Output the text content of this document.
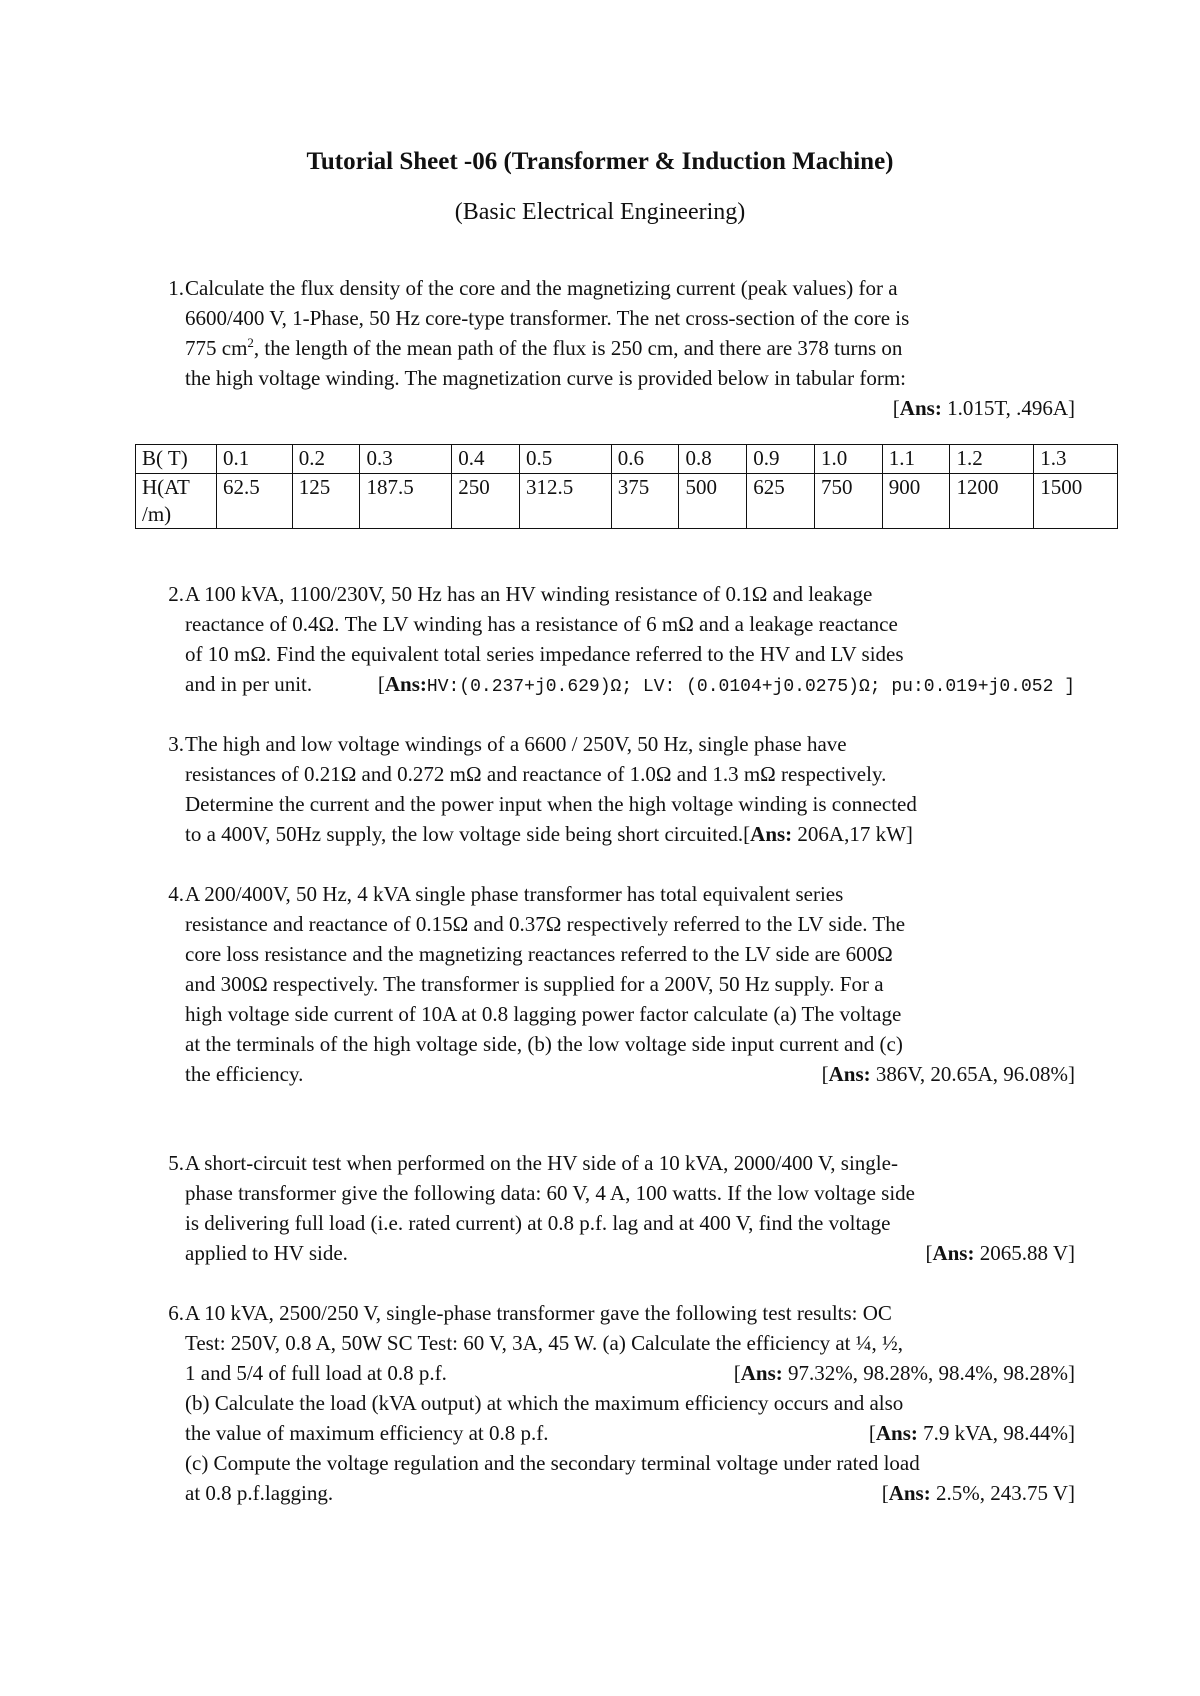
Tutorial Sheet -06 (Transformer & Induction Machine)
(Basic Electrical Engineering)
1. Calculate the flux density of the core and the magnetizing current (peak values) for a
6600/400 V, 1-Phase, 50 Hz core-type transformer. The net cross-section of the core is
775 $cm^2$, the length of the mean path of the flux is 250 cm, and there are 378 turns on
the high voltage winding. The magnetization curve is provided below in tabular form:
[Ans: 1.015T, .496A]
B( T)	0.1	0.2	0.3	0.4	0.5	0.6	0.8	0.9	1.0	1.1	1.2	1.3
H(AT /m)	62.5	125	187.5	250	312.5	375	500	625	750	900	1200	1500
2. A 100 kVA, 1100/230V, 50 Hz has an HV winding resistance of 0.1Ω and leakage
reactance of 0.4Ω. The LV winding has a resistance of 6 mΩ and a leakage reactance
of 10 mΩ. Find the equivalent total series impedance referred to the HV and LV sides
and in per unit.	[Ans:HV:(0.237+j0.629)Ω; LV: (0.0104+j0.0275)Ω; pu:0.019+j0.052 ]
3. The high and low voltage windings of a 6600 / 250V, 50 Hz, single phase have
resistances of 0.21Ω and 0.272 mΩ and reactance of 1.0Ω and 1.3 mΩ respectively.
Determine the current and the power input when the high voltage winding is connected
to a 400V, 50Hz supply, the low voltage side being short circuited.[Ans: 206A,17 kW]
4. A 200/400V, 50 Hz, 4 kVA single phase transformer has total equivalent series
resistance and reactance of 0.15Ω and 0.37Ω respectively referred to the LV side. The
core loss resistance and the magnetizing reactances referred to the LV side are 600Ω
and 300Ω respectively. The transformer is supplied for a 200V, 50 Hz supply. For a
high voltage side current of 10A at 0.8 lagging power factor calculate (a) The voltage
at the terminals of the high voltage side, (b) the low voltage side input current and (c)
the efficiency.	[Ans: 386V, 20.65A, 96.08%]
5. A short-circuit test when performed on the HV side of a 10 kVA, 2000/400 V, single-
phase transformer give the following data: 60 V, 4 A, 100 watts. If the low voltage side
is delivering full load (i.e. rated current) at 0.8 p.f. lag and at 400 V, find the voltage
applied to HV side.	[Ans: 2065.88 V]
6. A 10 kVA, 2500/250 V, single-phase transformer gave the following test results: OC
Test: 250V, 0.8 A, 50W SC Test: 60 V, 3A, 45 W. (a) Calculate the efficiency at ¼, ½,
1 and 5/4 of full load at 0.8 p.f.	[Ans: 97.32%, 98.28%, 98.4%, 98.28%]
(b) Calculate the load (kVA output) at which the maximum efficiency occurs and also
the value of maximum efficiency at 0.8 p.f.	[Ans: 7.9 kVA, 98.44%]
(c) Compute the voltage regulation and the secondary terminal voltage under rated load
at 0.8 p.f.lagging.	[Ans: 2.5%, 243.75 V]
